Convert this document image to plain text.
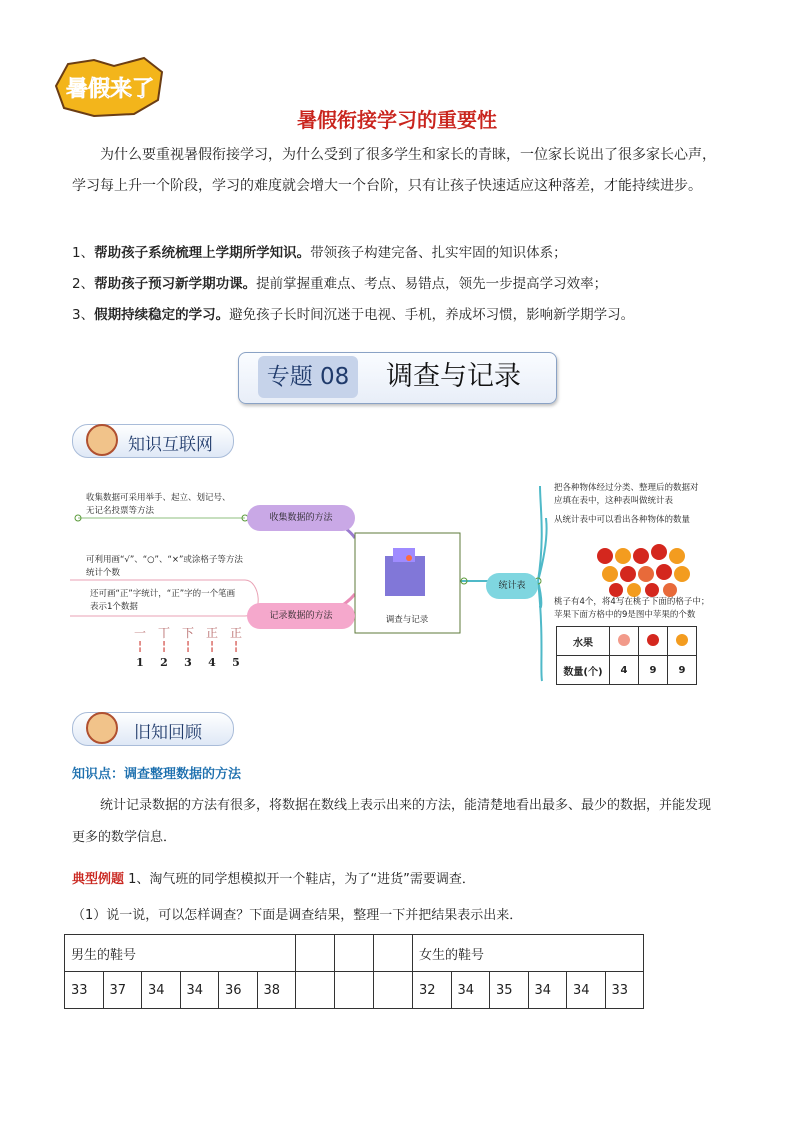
暑假来了
暑假衔接学习的重要性
为什么要重视暑假衔接学习，为什么受到了很多学生和家长的青睐，一位家长说出了很多家长心声，学习每上升一个阶段，学习的难度就会增大一个台阶，只有让孩子快速适应这种落差，才能持续进步。
1、帮助孩子系统梳理上学期所学知识。带领孩子构建完备、扎实牢固的知识体系；
2、帮助孩子预习新学期功课。提前掌握重难点、考点、易错点，领先一步提高学习效率；
3、假期持续稳定的学习。避免孩子长时间沉迷于电视、手机，养成坏习惯，影响新学期学习。
专题 08	调查与记录
知识互联网
收集数据的方法
记录数据的方法
统计表
调查与记录
收集数据可采用举手、起立、划记号、无记名投票等方法
可利用画“√”、“○”、“×”或涂格子等方法统计个数
还可画“正”字统计，“正”字的一个笔画表示1个数据
一 丅 下 正 正
¦ ¦ ¦ ¦ ¦
1 2 3 4 5
把各种物体经过分类、整理后的数据对应填在表中，这种表叫做统计表
从统计表中可以看出各种物体的数量
桃子有4个，将4写在桃子下面的格子中；苹果下面方格中的9是图中苹果的个数
水果			
数量(个)	4	9	9
旧知回顾
知识点：调查整理数据的方法
统计记录数据的方法有很多，将数据在数线上表示出来的方法，能清楚地看出最多、最少的数据，并能发现更多的数学信息．
典型例题 1、淘气班的同学想模拟开一个鞋店，为了“进货”需要调查．
（1）说一说，可以怎样调查？下面是调查结果，整理一下并把结果表示出来．
男生的鞋号									女生的鞋号					
33	37	34	34	36	38				32	34	35	34	34	33
